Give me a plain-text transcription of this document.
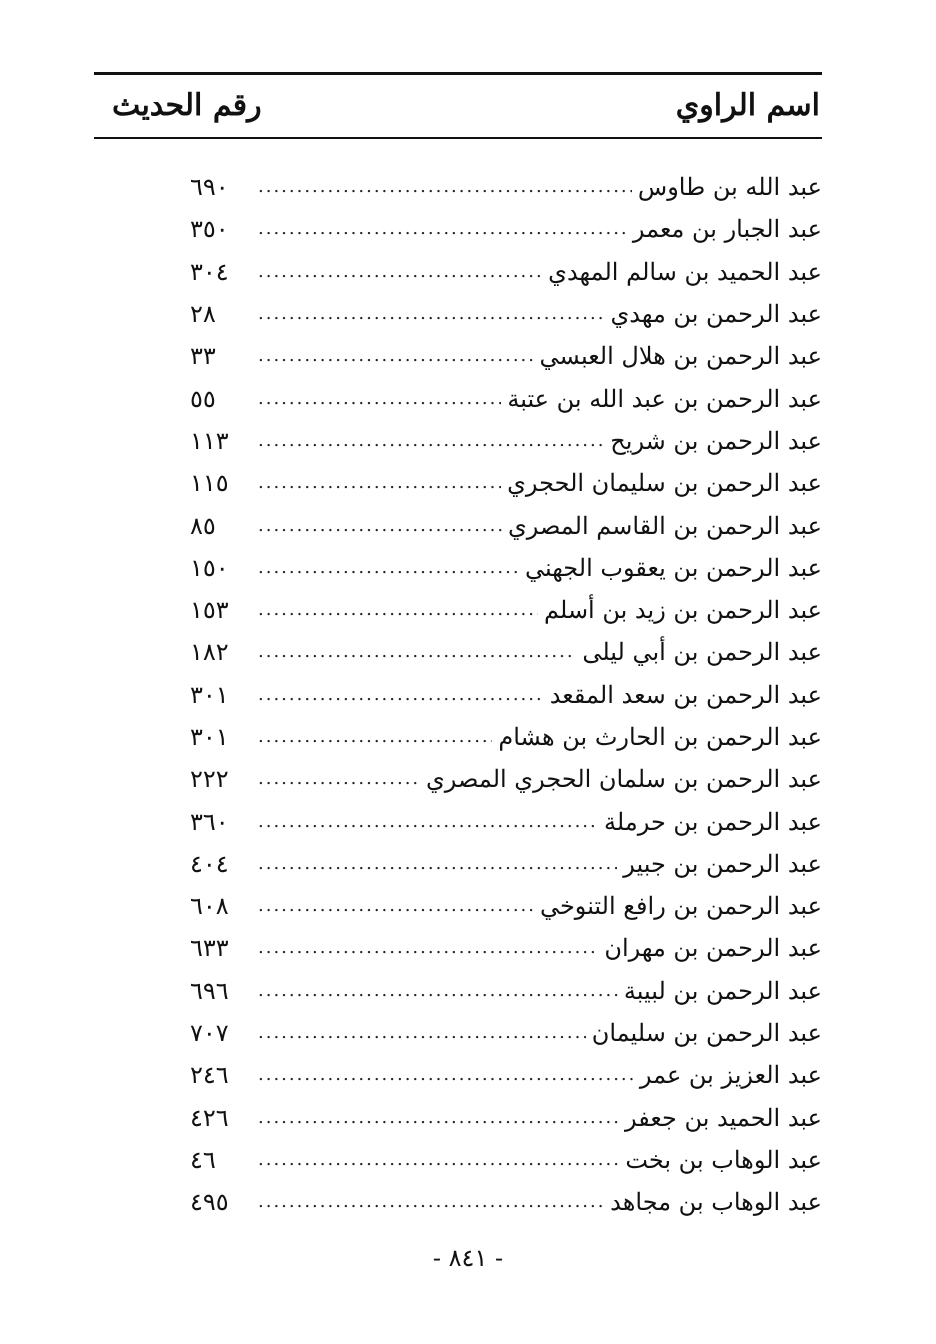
اسم الراوي
رقم الحديث
عبد الله بن طاوس
.....
٦٩٠
عبد الجبار بن معمر
.....
٣٥٠
عبد الحميد بن سالم المهدي
.....
٣٠٤
عبد الرحمن بن مهدي
.....
٢٨
عبد الرحمن بن هلال العبسي
.....
٣٣
عبد الرحمن بن عبد الله بن عتبة
.....
٥٥
عبد الرحمن بن شريح
.....
١١٣
عبد الرحمن بن سليمان الحجري
.....
١١٥
عبد الرحمن بن القاسم المصري
.....
٨٥
عبد الرحمن بن يعقوب الجهني
.....
١٥٠
عبد الرحمن بن زيد بن أسلم
.....
١٥٣
عبد الرحمن بن أبي ليلى
.....
١٨٢
عبد الرحمن بن سعد المقعد
.....
٣٠١
عبد الرحمن بن الحارث بن هشام
.....
٣٠١
عبد الرحمن بن سلمان الحجري المصري
.....
٢٢٢
عبد الرحمن بن حرملة
.....
٣٦٠
عبد الرحمن بن جبير
.....
٤٠٤
عبد الرحمن بن رافع التنوخي
.....
٦٠٨
عبد الرحمن بن مهران
.....
٦٣٣
عبد الرحمن بن لبيبة
.....
٦٩٦
عبد الرحمن بن سليمان
.....
٧٠٧
عبد العزيز بن عمر
.....
٢٤٦
عبد الحميد بن جعفر
.....
٤٢٦
عبد الوهاب بن بخت
.....
٤٦
عبد الوهاب بن مجاهد
.....
٤٩٥
- ٨٤١ -
